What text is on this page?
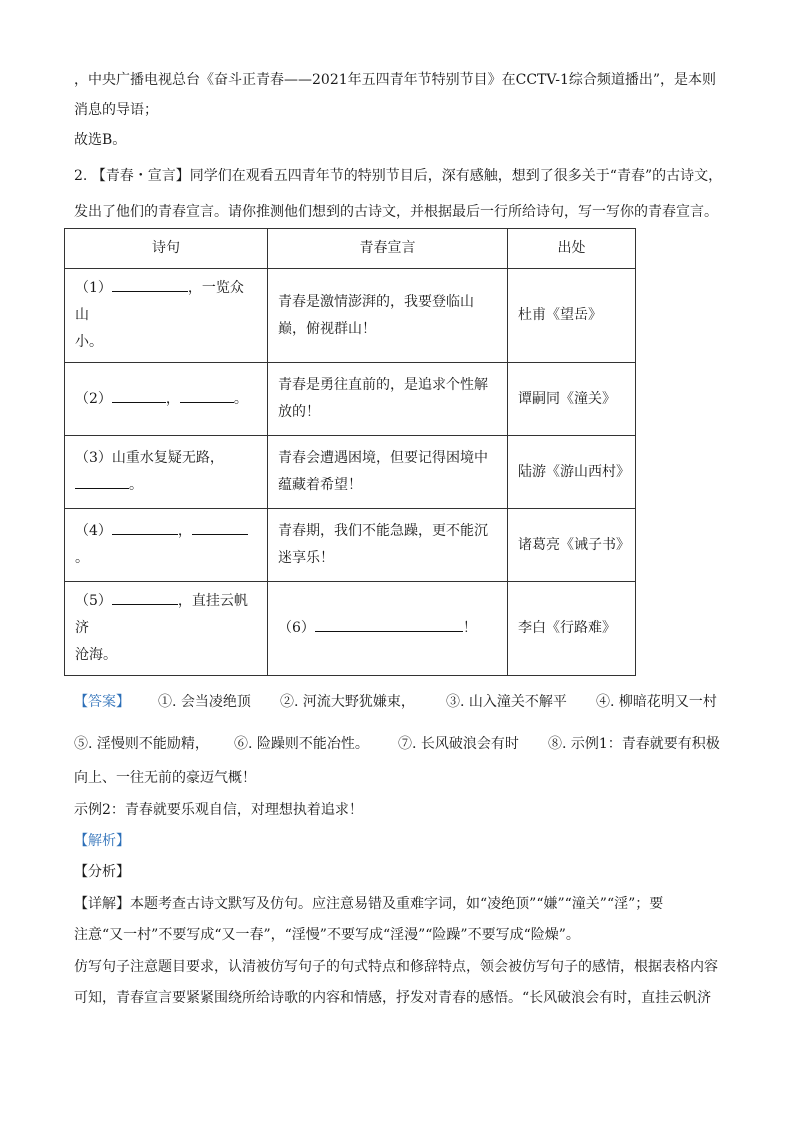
，中央广播电视总台《奋斗正青春——2021年五四青年节特别节目》在CCTV-1综合频道播出”，是本则
消息的导语；
故选B。
2. 【青春・宣言】同学们在观看五四青年节的特别节目后，深有感触，想到了很多关于“青春”的古诗文，
发出了他们的青春宣言。请你推测他们想到的古诗文，并根据最后一行所给诗句，写一写你的青春宣言。
诗句	青春宣言	出处
（1） ，一览众山
小。	青春是激情澎湃的，我要登临山巅，俯视群山！	杜甫《望岳》
（2） ， 。	青春是勇往直前的，是追求个性解放的！	谭嗣同《潼关》
（3）山重水复疑无路，
。	青春会遭遇困境，但要记得困境中蕴藏着希望！	陆游《游山西村》
（4） ，。	青春期，我们不能急躁，更不能沉迷享乐！	诸葛亮《诫子书》
（5） ，直挂云帆济
沧海。	（6） ！	李白《行路难》
【答案】 ①. 会当凌绝顶 ②. 河流大野犹嫌束， ③. 山入潼关不解平 ④. 柳暗花明又一村
⑤. 淫慢则不能励精， ⑥. 险躁则不能冶性。 ⑦. 长风破浪会有时 ⑧. 示例1：青春就要有积极
向上、一往无前的豪迈气概！
示例2：青春就要乐观自信，对理想执着追求！
【解析】
【分析】
【详解】本题考查古诗文默写及仿句。应注意易错及重难字词，如“凌绝顶”“嫌”“潼关”“淫”；要
注意“又一村”不要写成“又一春”，“淫慢”不要写成“淫漫”“险躁”不要写成“险燥”。
仿写句子注意题目要求，认清被仿写句子的句式特点和修辞特点，领会被仿写句子的感情，根据表格内容
可知，青春宣言要紧紧围绕所给诗歌的内容和情感，抒发对青春的感悟。“长风破浪会有时，直挂云帆济
